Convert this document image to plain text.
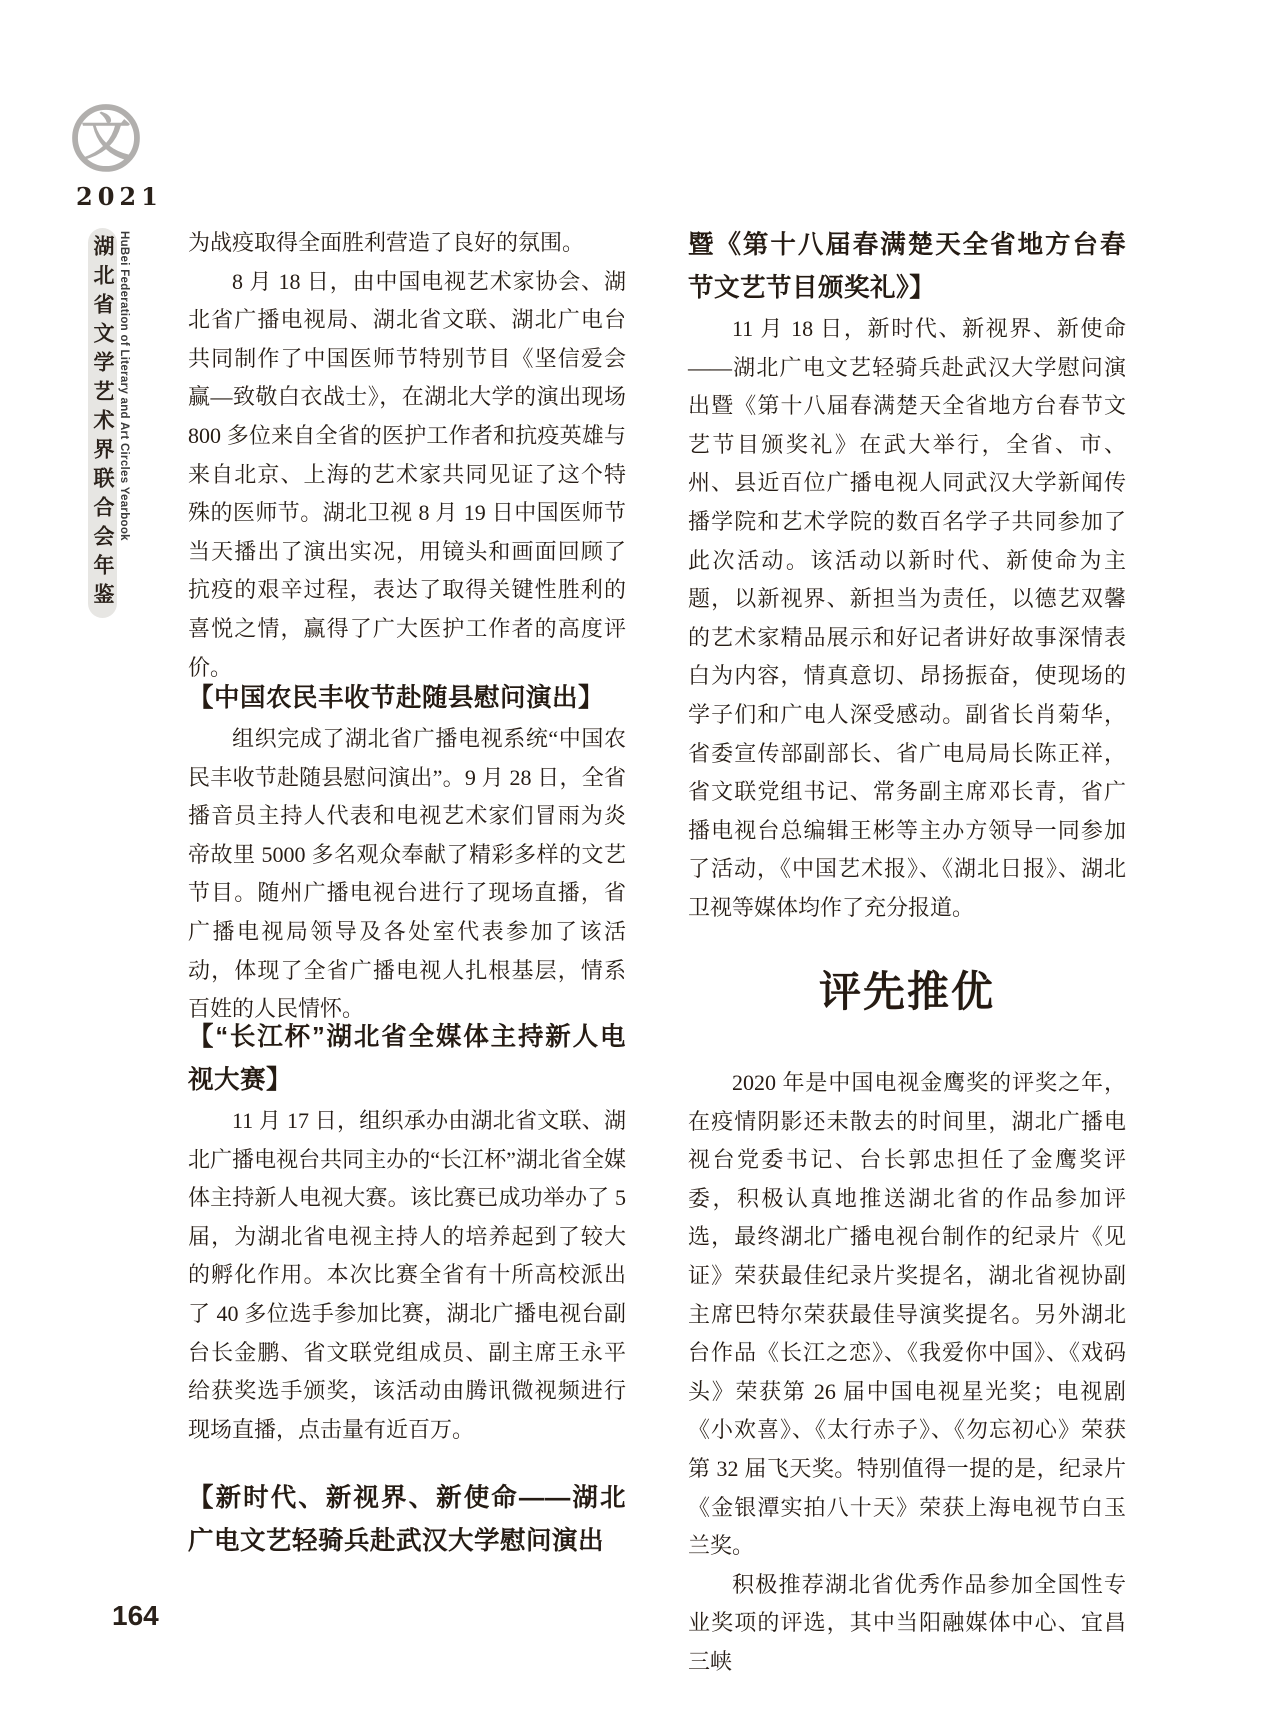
文
2021
湖北省文学艺术界联合会年鉴 HuBei Federation of Literary and Art Circles Yearbook
164

为战疫取得全面胜利营造了良好的氛围。

8 月 18 日，由中国电视艺术家协会、湖北省广播电视局、湖北省文联、湖北广电台共同制作了中国医师节特别节目《坚信爱会赢—致敬白衣战士》，在湖北大学的演出现场 800 多位来自全省的医护工作者和抗疫英雄与来自北京、上海的艺术家共同见证了这个特殊的医师节。湖北卫视 8 月 19 日中国医师节当天播出了演出实况，用镜头和画面回顾了抗疫的艰辛过程，表达了取得关键性胜利的喜悦之情，赢得了广大医护工作者的高度评价。

【中国农民丰收节赴随县慰问演出】

组织完成了湖北省广播电视系统“中国农民丰收节赴随县慰问演出”。9 月 28 日，全省播音员主持人代表和电视艺术家们冒雨为炎帝故里 5000 多名观众奉献了精彩多样的文艺节目。随州广播电视台进行了现场直播，省广播电视局领导及各处室代表参加了该活动，体现了全省广播电视人扎根基层，情系百姓的人民情怀。

【“长江杯”湖北省全媒体主持新人电视大赛】

11 月 17 日，组织承办由湖北省文联、湖北广播电视台共同主办的“长江杯”湖北省全媒体主持新人电视大赛。该比赛已成功举办了 5 届，为湖北省电视主持人的培养起到了较大的孵化作用。本次比赛全省有十所高校派出了 40 多位选手参加比赛，湖北广播电视台副台长金鹏、省文联党组成员、副主席王永平给获奖选手颁奖，该活动由腾讯微视频进行现场直播，点击量有近百万。

【新时代、新视界、新使命——湖北广电文艺轻骑兵赴武汉大学慰问演出
暨《第十八届春满楚天全省地方台春节文艺节目颁奖礼》】

11 月 18 日，新时代、新视界、新使命——湖北广电文艺轻骑兵赴武汉大学慰问演出暨《第十八届春满楚天全省地方台春节文艺节目颁奖礼》在武大举行，全省、市、州、县近百位广播电视人同武汉大学新闻传播学院和艺术学院的数百名学子共同参加了此次活动。该活动以新时代、新使命为主题，以新视界、新担当为责任，以德艺双馨的艺术家精品展示和好记者讲好故事深情表白为内容，情真意切、昂扬振奋，使现场的学子们和广电人深受感动。副省长肖菊华，省委宣传部副部长、省广电局局长陈正祥，省文联党组书记、常务副主席邓长青，省广播电视台总编辑王彬等主办方领导一同参加了活动，《中国艺术报》、《湖北日报》、湖北卫视等媒体均作了充分报道。

评先推优

2020 年是中国电视金鹰奖的评奖之年，在疫情阴影还未散去的时间里，湖北广播电视台党委书记、台长郭忠担任了金鹰奖评委，积极认真地推送湖北省的作品参加评选，最终湖北广播电视台制作的纪录片《见证》荣获最佳纪录片奖提名，湖北省视协副主席巴特尔荣获最佳导演奖提名。另外湖北台作品《长江之恋》、《我爱你中国》、《戏码头》荣获第 26 届中国电视星光奖；电视剧《小欢喜》、《太行赤子》、《勿忘初心》荣获第 32 届飞天奖。特别值得一提的是，纪录片《金银潭实拍八十天》荣获上海电视节白玉兰奖。

积极推荐湖北省优秀作品参加全国性专业奖项的评选，其中当阳融媒体中心、宜昌三峡
